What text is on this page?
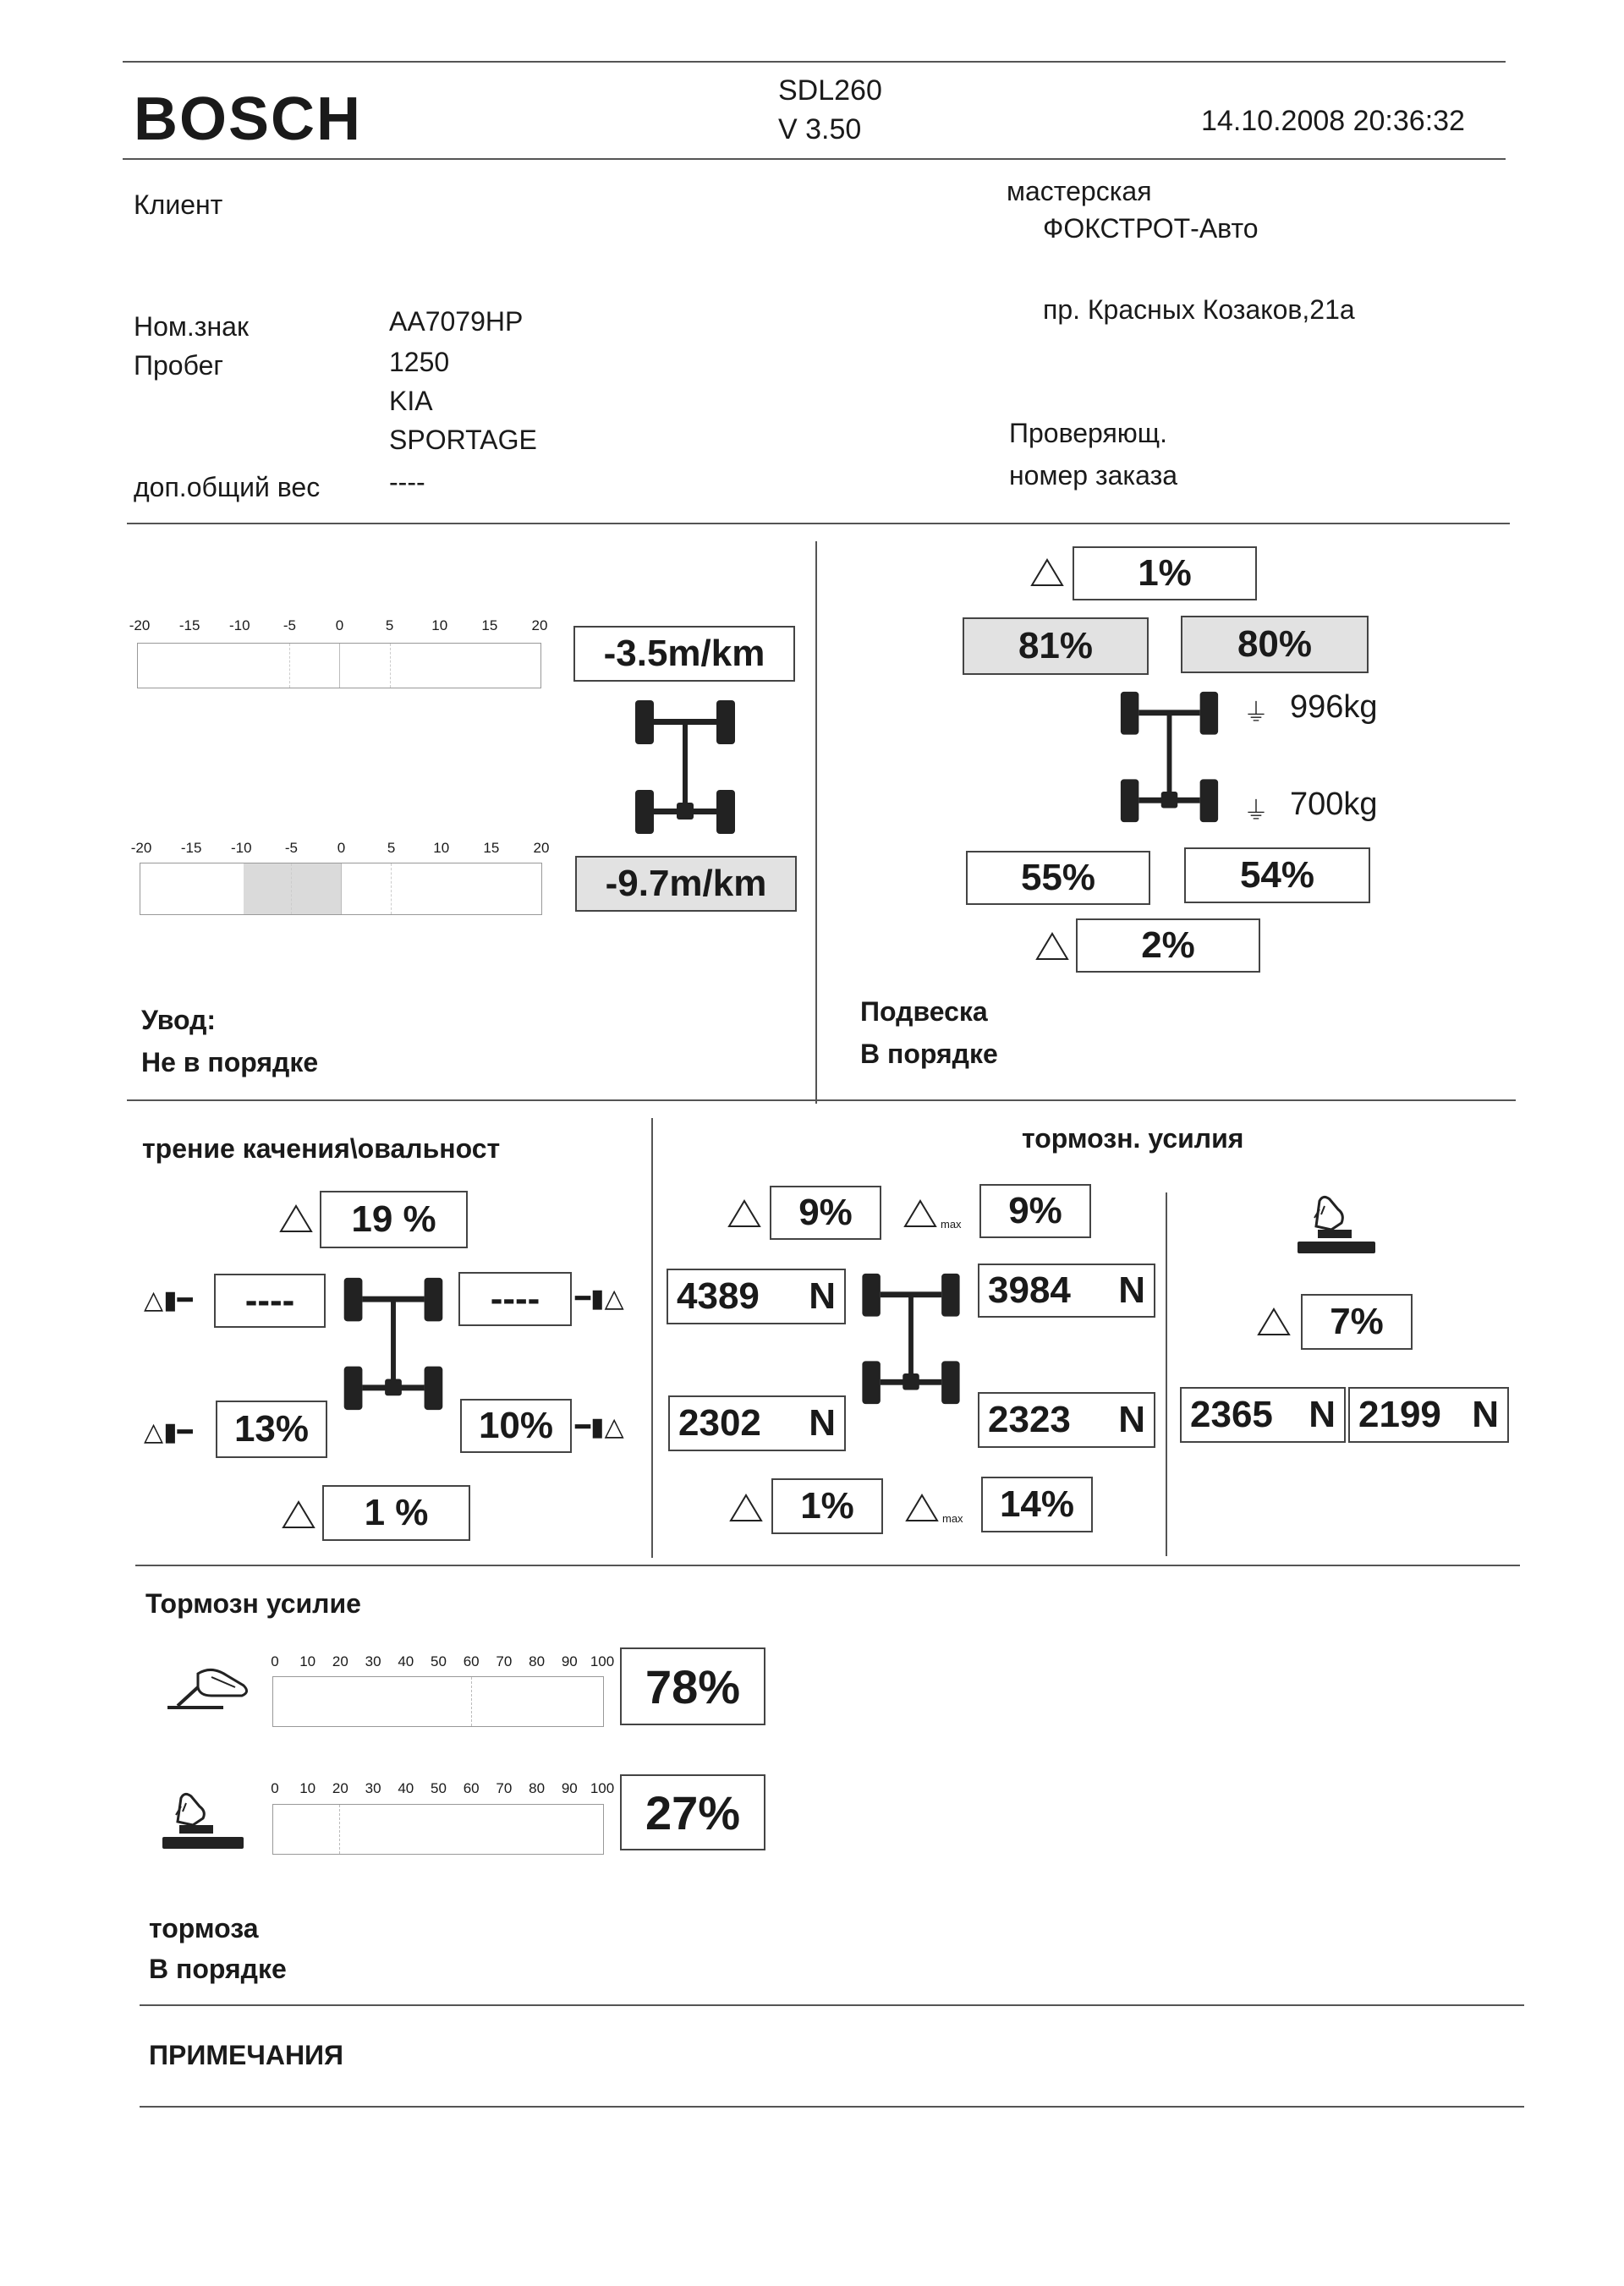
BOSCH	SDL260
V 3.50	14.10.2008 20:36:32
Клиент
Ном.знак	AA7079HP
Пробег	1250
KIA
SPORTAGE
доп.общий вес	----
мастерская
ФОКСТРОТ-Авто
пр. Красных Козаков,21а
Проверяющ.
номер заказа
-20 -15 -10 -5	0	5	10 15 20
-3.5m/km
-20 -15 -10 -5	0	5	10 15 20
-9.7m/km
Увод:
Не в порядке
1%
81%	80%
⏚ 996kg
⏚ 700kg
55%	54%
2%
Подвеска
В порядке
трение качения\овальност
19 %
△▮━	----	----	━▮△
△▮━	13%	10% ━▮△
1 %
тормозн. усилия
9%	max	9%
4389 N	3984 N
2302 N	2323 N
1%	max 14%
7%
2365 N 2199 N
Тормозн усилие
0 10 20 30 40 50 60 70 80 90 100 78%
0 10 20 30 40 50 60 70 80 90 100 27%
тормоза
В порядке
ПРИМЕЧАНИЯ
